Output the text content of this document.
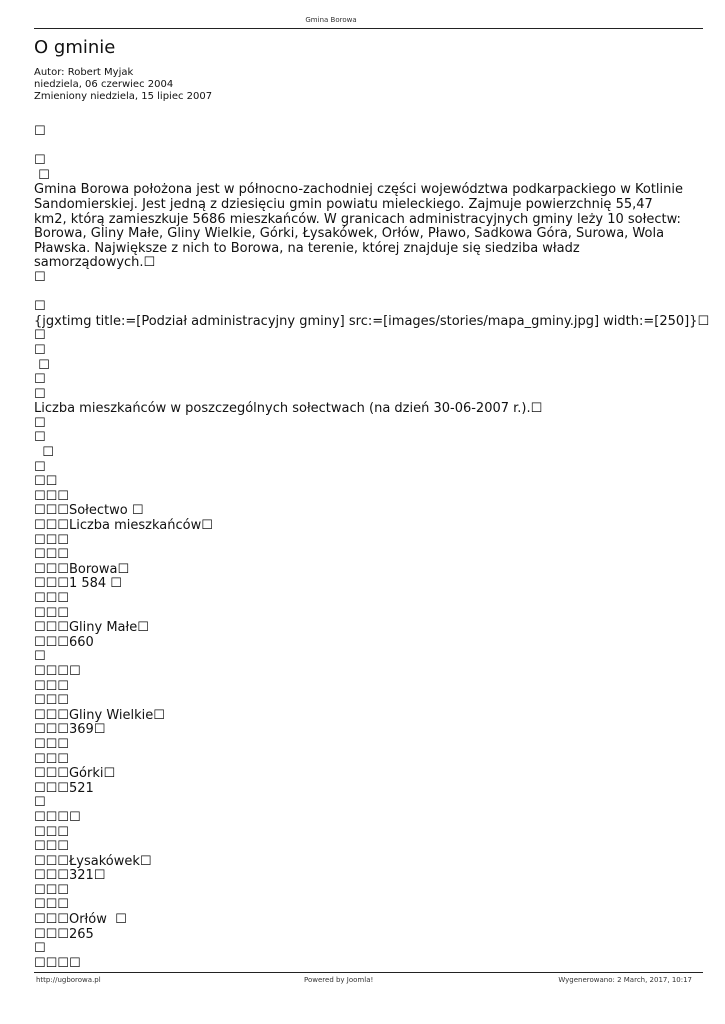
Gmina Borowa
O gminie
Autor: Robert Myjak
niedziela, 06 czerwiec 2004
Zmieniony niedziela, 15 lipiec 2007
☐
☐
☐
Gmina Borowa położona jest w północno-zachodniej części województwa podkarpackiego w Kotlinie Sandomierskiej. Jest jedną z dziesięciu gmin powiatu mieleckiego. Zajmuje powierzchnię 55,47 km2, którą zamieszkuje 5686 mieszkańców. W granicach administracyjnych gminy leży 10 sołectw: Borowa, Gliny Małe, Gliny Wielkie, Górki, Łysakówek, Orłów, Pławo, Sadkowa Góra, Surowa, Wola Pławska. Największe z nich to Borowa, na terenie, której znajduje się siedziba władz samorządowych.☐
☐
☐
{jgxtimg title:=[Podział administracyjny gminy] src:=[images/stories/mapa_gminy.jpg] width:=[250]}☐
☐
☐
☐
☐
☐
Liczba mieszkańców w poszczególnych sołectwach (na dzień 30-06-2007 r.).☐
☐
☐
☐
☐
☐☐
☐☐☐
☐☐☐Sołectwo ☐
☐☐☐Liczba mieszkańców☐
☐☐☐
☐☐☐
☐☐☐Borowa☐
☐☐☐1 584 ☐
☐☐☐
☐☐☐
☐☐☐Gliny Małe☐
☐☐☐660
☐
☐☐☐☐
☐☐☐
☐☐☐
☐☐☐Gliny Wielkie☐
☐☐☐369☐
☐☐☐
☐☐☐
☐☐☐Górki☐
☐☐☐521
☐
☐☐☐☐
☐☐☐
☐☐☐
☐☐☐Łysakówek☐
☐☐☐321☐
☐☐☐
☐☐☐
☐☐☐Orłów  ☐
☐☐☐265
☐
☐☐☐☐
http://ugborowa.pl	Powered by Joomla!	Wygenerowano: 2 March, 2017, 10:17
